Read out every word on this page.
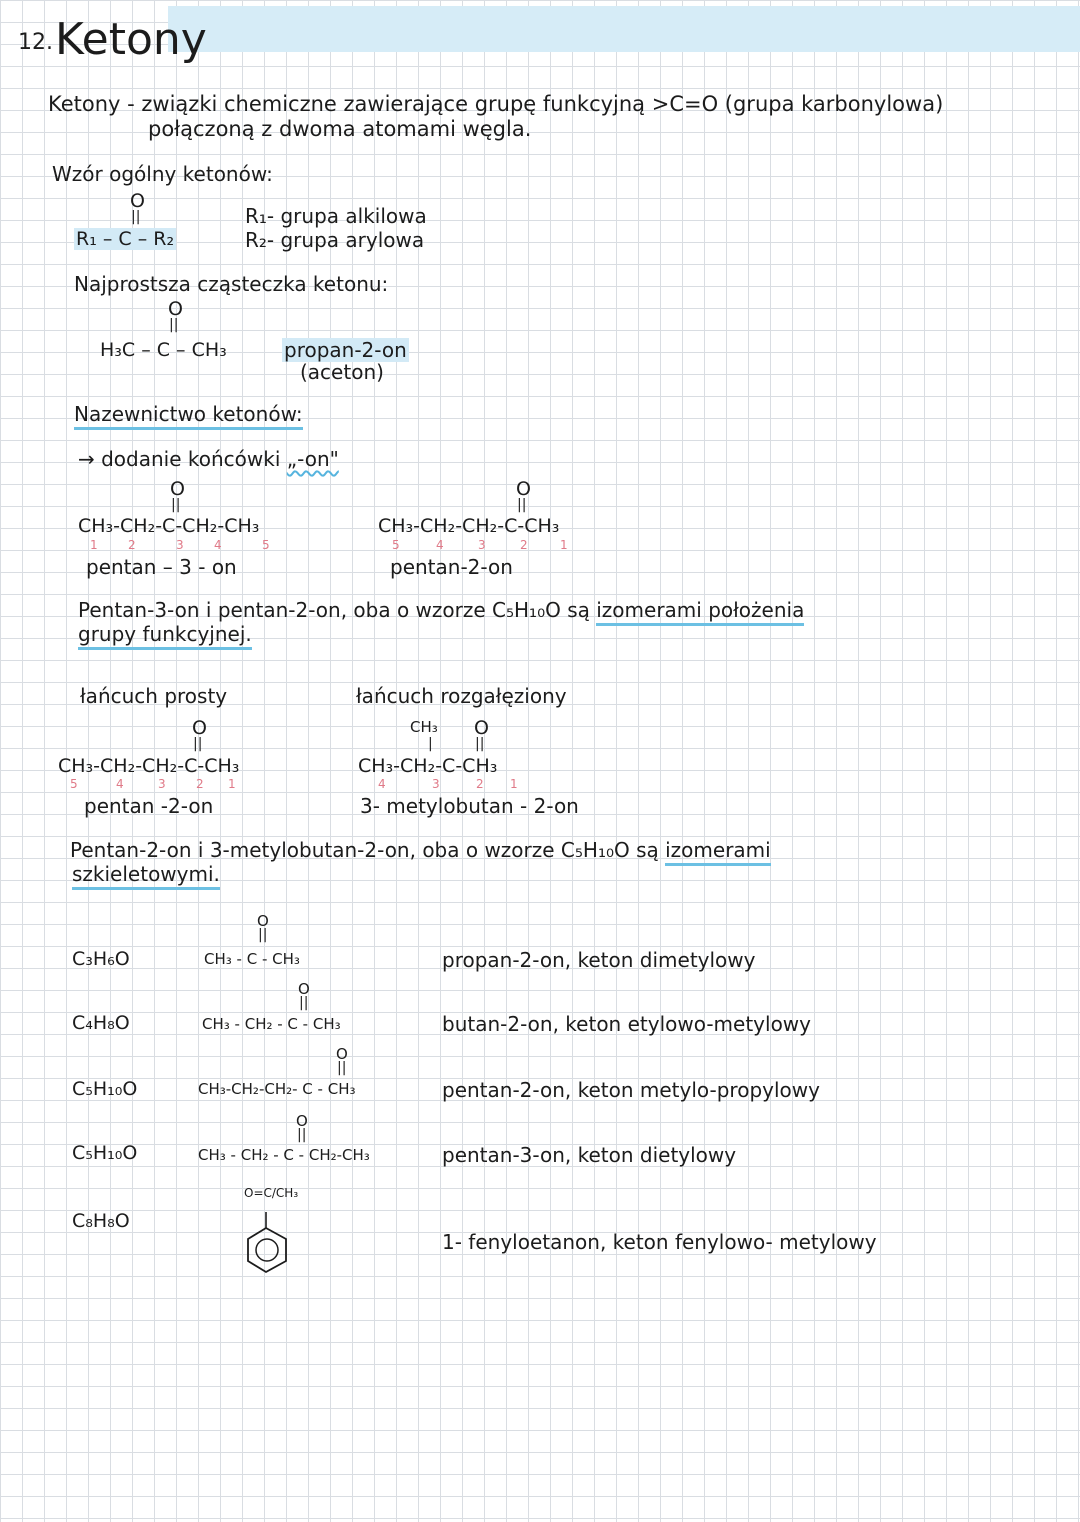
12. Ketony
Ketony - związki chemiczne zawierające grupę funkcyjną >C=O (grupa karbonylowa)
połączoną z dwoma atomami węgla.
Wzór ogólny ketonów:
O
||
R₁ – C – R₂
R₁- grupa alkilowa
R₂- grupa arylowa
Najprostsza cząsteczka ketonu:
O
||
H₃C – C – CH₃	propan-2-on
(aceton)
Nazewnictwo ketonów:
→ dodanie końcówki „-on"
O
||
CH₃-CH₂-C-CH₂-CH₃
1	2	3	4	5
pentan – 3 - on
O
||
CH₃-CH₂-CH₂-C-CH₃
5	4	3	2	1
pentan-2-on
Pentan-3-on i pentan-2-on, oba o wzorze C₅H₁₀O są izomerami położenia
grupy funkcyjnej.
łańcuch prosty	łańcuch rozgałęziony
O
||
CH₃-CH₂-CH₂-C-CH₃
5	4	3	2 1
pentan -2-on
CH₃ O
|	||
CH₃-CH₂-C-CH₃
4	3	2 1
3- metylobutan - 2-on
Pentan-2-on i 3-metylobutan-2-on, oba o wzorze C₅H₁₀O są izomerami
szkieletowymi.
C₃H₆O
O
||
CH₃ - C - CH₃	propan-2-on, keton dimetylowy
C₄H₈O
O
||
CH₃ - CH₂ - C - CH₃	butan-2-on, keton etylowo-metylowy
C₅H₁₀O
O
||
CH₃-CH₂-CH₂- C - CH₃	pentan-2-on, keton metylo-propylowy
C₅H₁₀O
O
||
CH₃ - CH₂ - C - CH₂-CH₃	pentan-3-on, keton dietylowy
C₈H₈O
O=C/CH₃
1- fenyloetanon, keton fenylowo- metylowy
